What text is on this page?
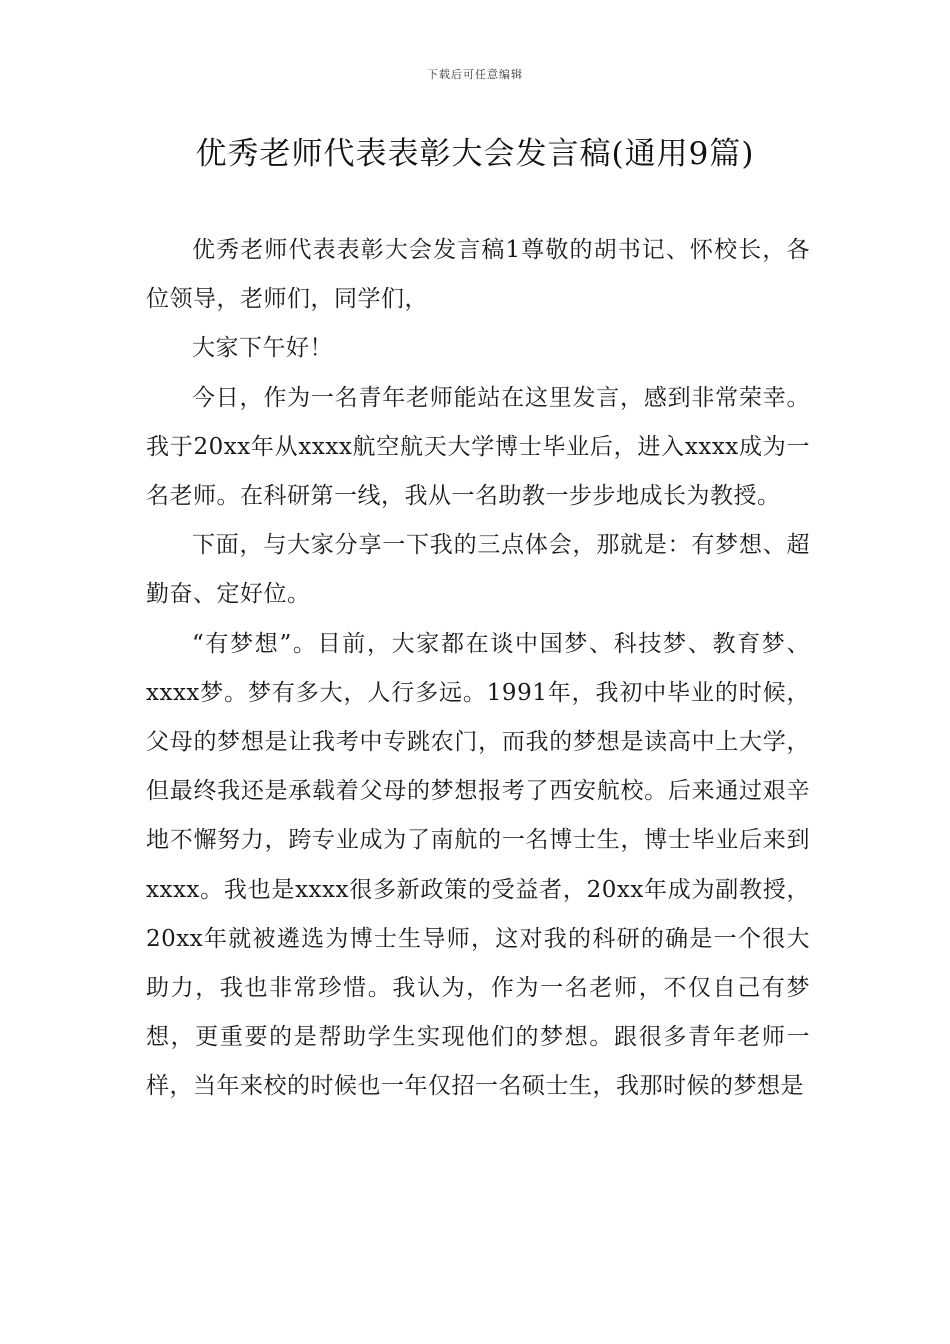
下载后可任意编辑
优秀老师代表表彰大会发言稿(通用9篇)

优秀老师代表表彰大会发言稿1尊敬的胡书记、怀校长，各位领导，老师们，同学们，

大家下午好！

今日，作为一名青年老师能站在这里发言，感到非常荣幸。我于20xx年从xxxx航空航天大学博士毕业后，进入xxxx成为一名老师。在科研第一线，我从一名助教一步步地成长为教授。

下面，与大家分享一下我的三点体会，那就是：有梦想、超勤奋、定好位。

“有梦想”。目前，大家都在谈中国梦、科技梦、教育梦、xxxx梦。梦有多大，人行多远。1991年，我初中毕业的时候，父母的梦想是让我考中专跳农门，而我的梦想是读高中上大学，但最终我还是承载着父母的梦想报考了西安航校。后来通过艰辛地不懈努力，跨专业成为了南航的一名博士生，博士毕业后来到xxxx。我也是xxxx很多新政策的受益者，20xx年成为副教授，20xx年就被遴选为博士生导师，这对我的科研的确是一个很大助力，我也非常珍惜。我认为，作为一名老师，不仅自己有梦想，更重要的是帮助学生实现他们的梦想。跟很多青年老师一样，当年来校的时候也一年仅招一名硕士生，我那时候的梦想是
